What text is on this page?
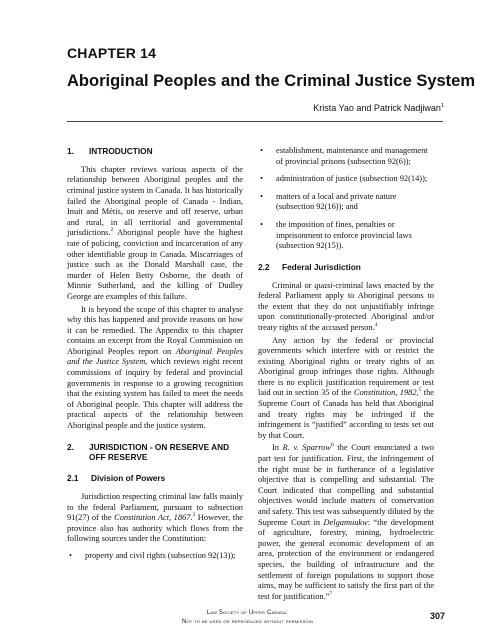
CHAPTER 14
Aboriginal Peoples and the Criminal Justice System
Krista Yao and Patrick Nadjiwan$^1$
1.	INTRODUCTION

This chapter reviews various aspects of the relationship between Aboriginal peoples and the criminal justice system in Canada. It has historically failed the Aboriginal people of Canada - Indian, Inuit and Métis, on reserve and off reserve, urban and rural, in all territorial and governmental jurisdictions.$^2$ Aboriginal people have the highest rate of policing, conviction and incarceration of any other identifiable group in Canada. Miscarriages of justice such as the Donald Marshall case, the murder of Helen Betty Osborne, the death of Minnie Sutherland, and the killing of Dudley George are examples of this failure.

It is beyond the scope of this chapter to analyse why this has happened and provide reasons on how it can be remedied. The Appendix to this chapter contains an excerpt from the Royal Commission on Aboriginal Peoples report on Aboriginal Peoples and the Justice System, which reviews eight recent commissions of inquiry by federal and provincial governments in response to a growing recognition that the existing system has failed to meet the needs of Aboriginal people. This chapter will address the practical aspects of the relationship between Aboriginal people and the justice system.

2.	JURISDICTION - ON RESERVE AND OFF RESERVE
2.1	Division of Powers

Jurisdiction respecting criminal law falls mainly to the federal Parliament, pursuant to subsection 91(27) of the Constitution Act, 1867.$^3$ However, the province also has authority which flows from the following sources under the Constitution:

•	property and civil rights (subsection 92(13));
•	establishment, maintenance and management of provincial prisons (subsection 92(6));
•	administration of justice (subsection 92(14));
•	matters of a local and private nature (subsection 92(16)); and
•	the imposition of fines, penalties or imprisonment to enforce provincial laws (subsection 92(15)).
2.2	Federal Jurisdiction

Criminal or quasi-criminal laws enacted by the federal Parliament apply to Aboriginal persons to the extent that they do not unjustifiably infringe upon constitutionally-protected Aboriginal and/or treaty rights of the accused person.$^4$

Any action by the federal or provincial governments which interfere with or restrict the existing Aboriginal rights or treaty rights of an Aboriginal group infringes those rights. Although there is no explicit justification requirement or test laid out in section 35 of the Constitution, 1982,$^5$ the Supreme Court of Canada has held that Aboriginal and treaty rights may be infringed if the infringement is “justified” according to tests set out by that Court.

In R. v. Sparrow$^6$ the Court enunciated a two part test for justification. First, the infringement of the right must be in furtherance of a legislative objective that is compelling and substantial. The Court indicated that compelling and substantial objectives would include matters of conservation and safety. This test was subsequently diluted by the Supreme Court in Delgamuukw: “the development of agriculture, forestry, mining, hydroelectric power, the general economic development of an area, protection of the environment or endangered species, the building of infrastructure and the settlement of foreign populations to support those aims, may be sufficient to satisfy the first part of the test for justification.”$^7$

Law Society of Upper Canada:
Not to be used or reproduced without permission
307
